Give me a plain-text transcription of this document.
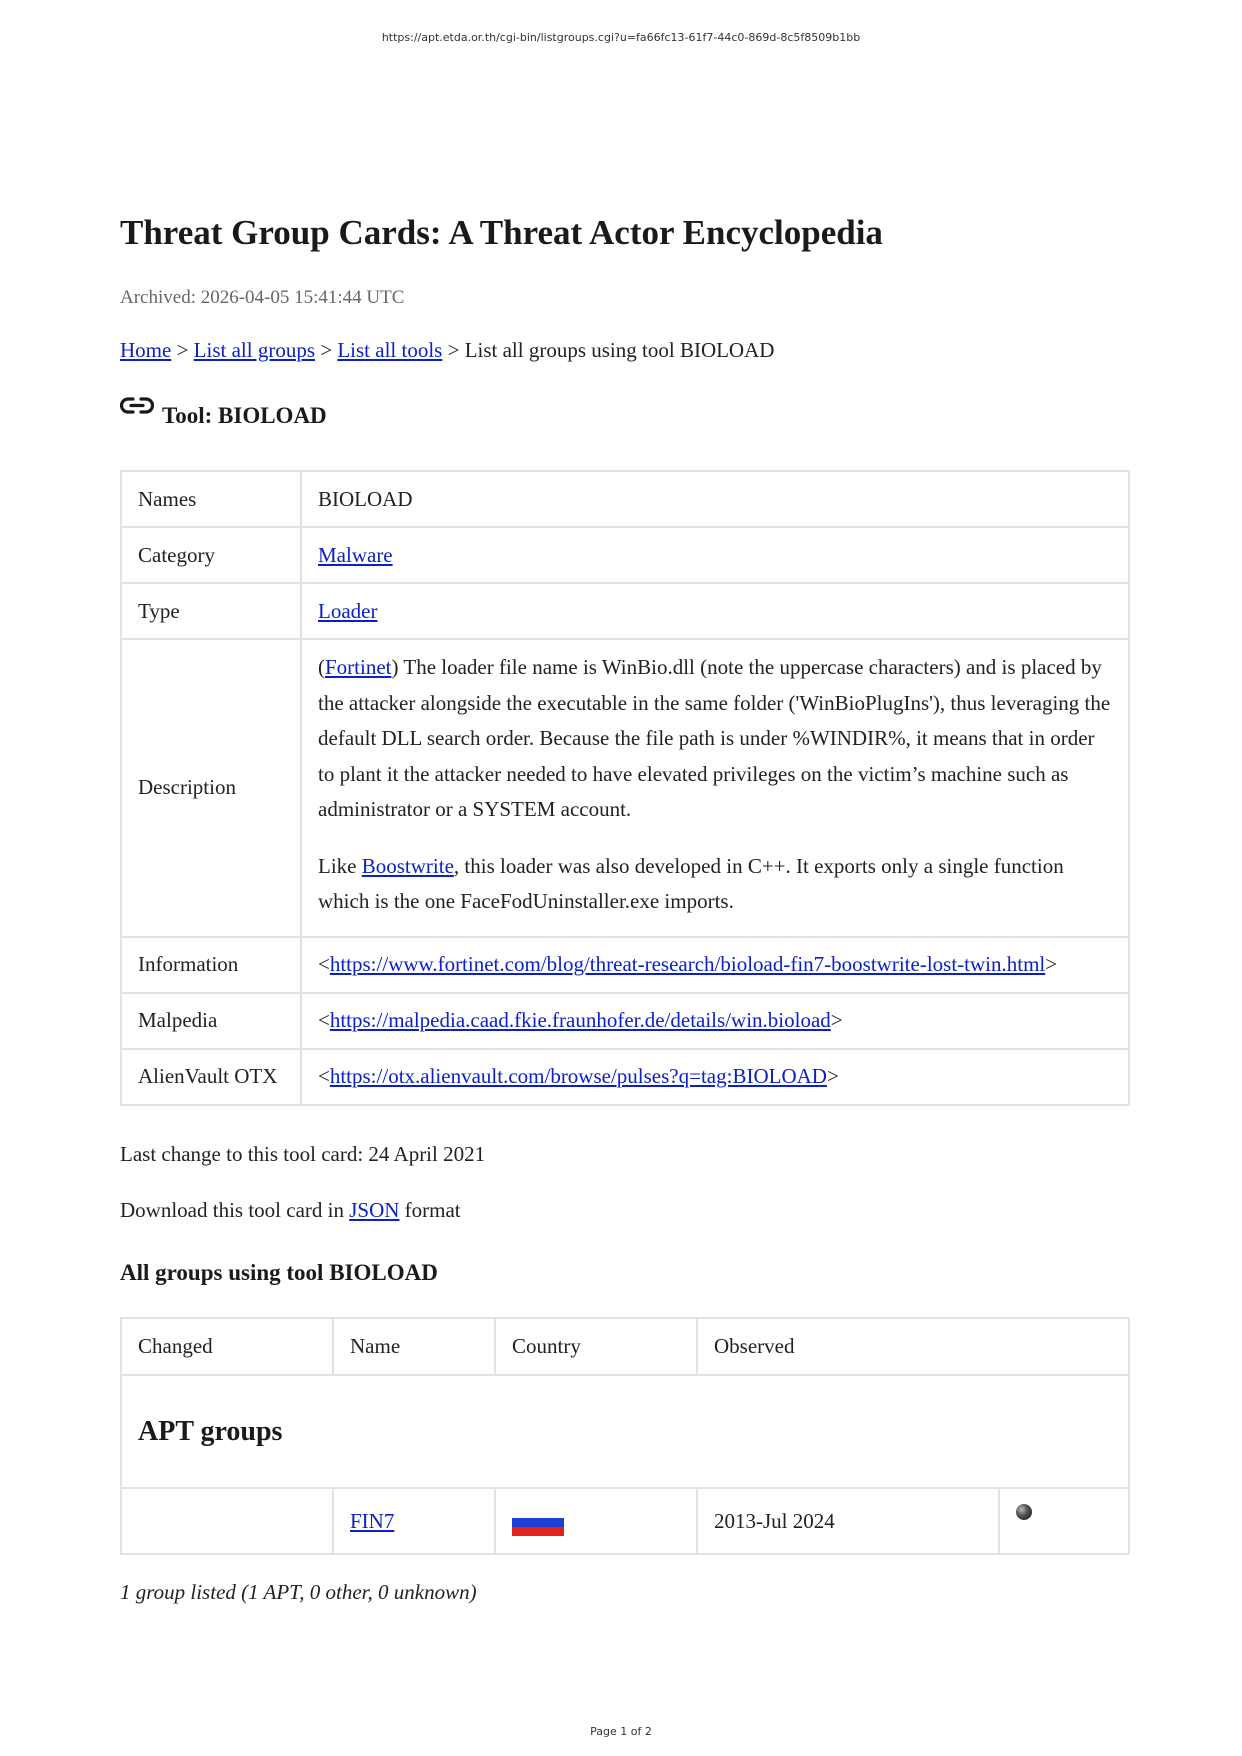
https://apt.etda.or.th/cgi-bin/listgroups.cgi?u=fa66fc13-61f7-44c0-869d-8c5f8509b1bb
Threat Group Cards: A Threat Actor Encyclopedia
Archived: 2026-04-05 15:41:44 UTC
Home > List all groups > List all tools > List all groups using tool BIOLOAD
Tool: BIOLOAD
Names	BIOLOAD
Category	Malware
Type	Loader
Description	(Fortinet) The loader file name is WinBio.dll (note the uppercase characters) and is placed by the attacker alongside the executable in the same folder ('WinBioPlugIns'), thus leveraging the default DLL search order. Because the file path is under %WINDIR%, it means that in order to plant it the attacker needed to have elevated privileges on the victim’s machine such as administrator or a SYSTEM account.

Like Boostwrite, this loader was also developed in C++. It exports only a single function which is the one FaceFodUninstaller.exe imports.

Information	<https://www.fortinet.com/blog/threat-research/bioload-fin7-boostwrite-lost-twin.html>
Malpedia	<https://malpedia.caad.fkie.fraunhofer.de/details/win.bioload>
AlienVault OTX	<https://otx.alienvault.com/browse/pulses?q=tag:BIOLOAD>
Last change to this tool card: 24 April 2021
Download this tool card in JSON format
All groups using tool BIOLOAD
Changed	Name	Country	Observed	
APT groups				
	FIN7		2013-Jul 2024	
1 group listed (1 APT, 0 other, 0 unknown)
Page 1 of 2
